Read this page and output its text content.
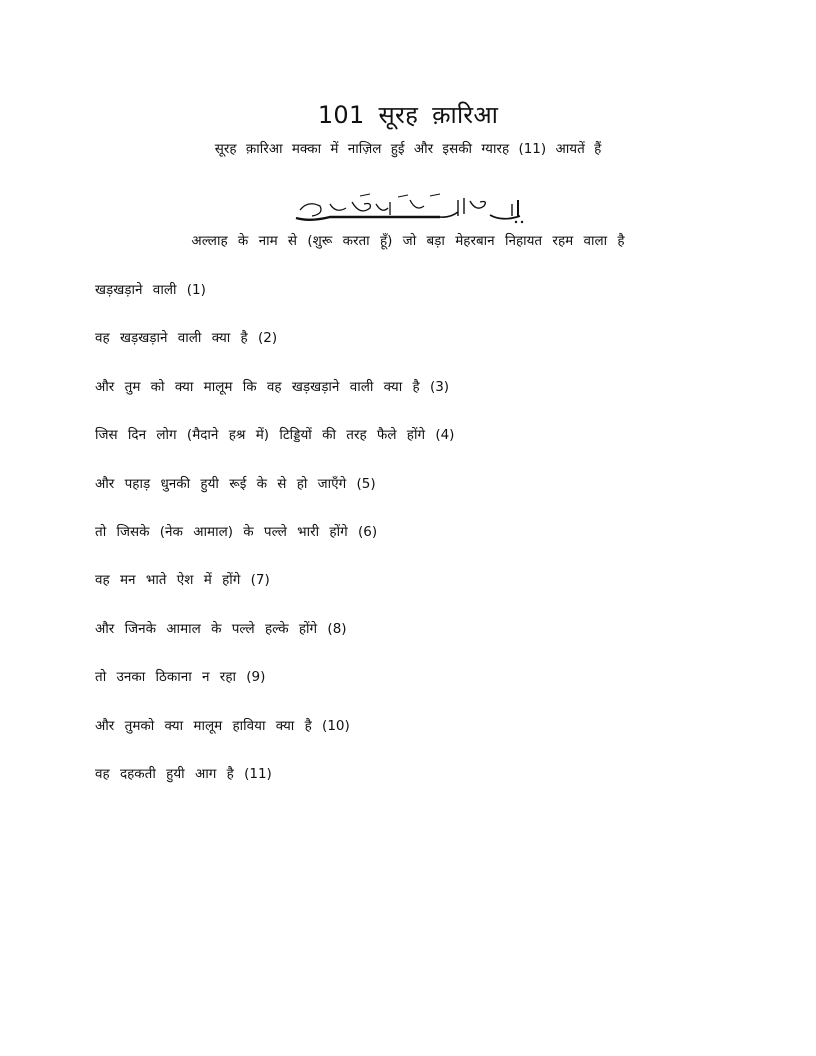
101 सूरह क़ारिआ
सूरह क़ारिआ मक्का में नाज़िल हुई और इसकी ग्यारह (11) आयतें हैं
अल्लाह के नाम से (शुरू करता हूँ) जो बड़ा मेहरबान निहायत रहम वाला है
खड़खड़ाने वाली (1)
वह खड़खड़ाने वाली क्या है (2)
और तुम को क्या मालूम कि वह खड़खड़ाने वाली क्या है (3)
जिस दिन लोग (मैदाने हश्र में) टिड्डियों की तरह फैले होंगे (4)
और पहाड़ धुनकी हुयी रूई के से हो जाएँगे (5)
तो जिसके (नेक आमाल) के पल्ले भारी होंगे (6)
वह मन भाते ऐश में होंगे (7)
और जिनके आमाल के पल्ले हल्के होंगे (8)
तो उनका ठिकाना न रहा (9)
और तुमको क्या मालूम हाविया क्या है (10)
वह दहकती हुयी आग है (11)
